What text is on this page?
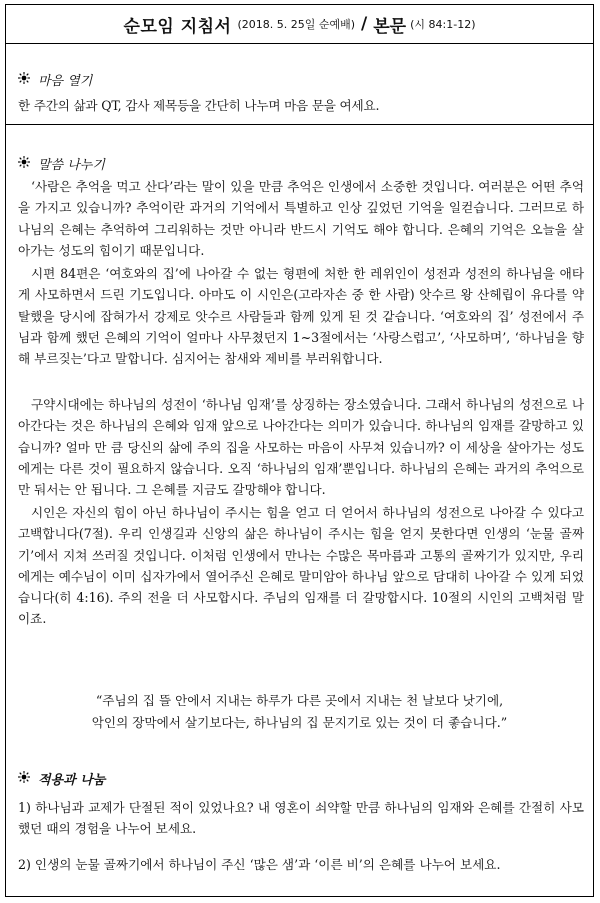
순모임 지침서 (2018. 5. 25일 순예배) / 본문 (시 84:1-12)
마음 열기
한 주간의 삶과 QT, 감사 제목등을 간단히 나누며 마음 문을 여세요.
말씀 나누기
‘사람은 추억을 먹고 산다’라는 말이 있을 만큼 추억은 인생에서 소중한 것입니다. 여러분은 어떤 추억을 가지고 있습니까? 추억이란 과거의 기억에서 특별하고 인상 깊었던 기억을 일컫습니다. 그러므로 하나님의 은혜는 추억하여 그리워하는 것만 아니라 반드시 기억도 해야 합니다. 은혜의 기억은 오늘을 살아가는 성도의 힘이기 때문입니다.
시편 84편은 ‘여호와의 집’에 나아갈 수 없는 형편에 처한 한 레위인이 성전과 성전의 하나님을 애타게 사모하면서 드린 기도입니다. 아마도 이 시인은(고라자손 중 한 사람) 앗수르 왕 산헤립이 유다를 약탈했을 당시에 잡혀가서 강제로 앗수르 사람들과 함께 있게 된 것 같습니다. ‘여호와의 집’ 성전에서 주님과 함께 했던 은혜의 기억이 얼마나 사무쳤던지 1~3절에서는 ‘사랑스럽고’, ‘사모하며’, ‘하나님을 향해 부르짖는’다고 말합니다. 심지어는 참새와 제비를 부러워합니다.
구약시대에는 하나님의 성전이 ‘하나님 임재’를 상징하는 장소였습니다. 그래서 하나님의 성전으로 나아간다는 것은 하나님의 은혜와 임재 앞으로 나아간다는 의미가 있습니다. 하나님의 임재를 갈망하고 있습니까? 얼마 만 큼 당신의 삶에 주의 집을 사모하는 마음이 사무쳐 있습니까? 이 세상을 살아가는 성도에게는 다른 것이 필요하지 않습니다. 오직 ‘하나님의 임재’뿐입니다. 하나님의 은혜는 과거의 추억으로만 둬서는 안 됩니다. 그 은혜를 지금도 갈망해야 합니다.
시인은 자신의 힘이 아닌 하나님이 주시는 힘을 얻고 더 얻어서 하나님의 성전으로 나아갈 수 있다고 고백합니다(7절). 우리 인생길과 신앙의 삶은 하나님이 주시는 힘을 얻지 못한다면 인생의 ‘눈물 골짜기’에서 지쳐 쓰러질 것입니다. 이처럼 인생에서 만나는 수많은 목마름과 고통의 골짜기가 있지만, 우리에게는 예수님이 이미 십자가에서 열어주신 은혜로 말미암아 하나님 앞으로 담대히 나아갈 수 있게 되었습니다(히 4:16). 주의 전을 더 사모합시다. 주님의 임재를 더 갈망합시다. 10절의 시인의 고백처럼 말이죠.
“주님의 집 뜰 안에서 지내는 하루가 다른 곳에서 지내는 천 날보다 낫기에,
악인의 장막에서 살기보다는, 하나님의 집 문지기로 있는 것이 더 좋습니다.”
적용과 나눔
1) 하나님과 교제가 단절된 적이 있었나요? 내 영혼이 쇠약할 만큼 하나님의 임재와 은혜를 간절히 사모했던 때의 경험을 나누어 보세요.
2) 인생의 눈물 골짜기에서 하나님이 주신 ‘많은 샘’과 ‘이른 비’의 은혜를 나누어 보세요.
